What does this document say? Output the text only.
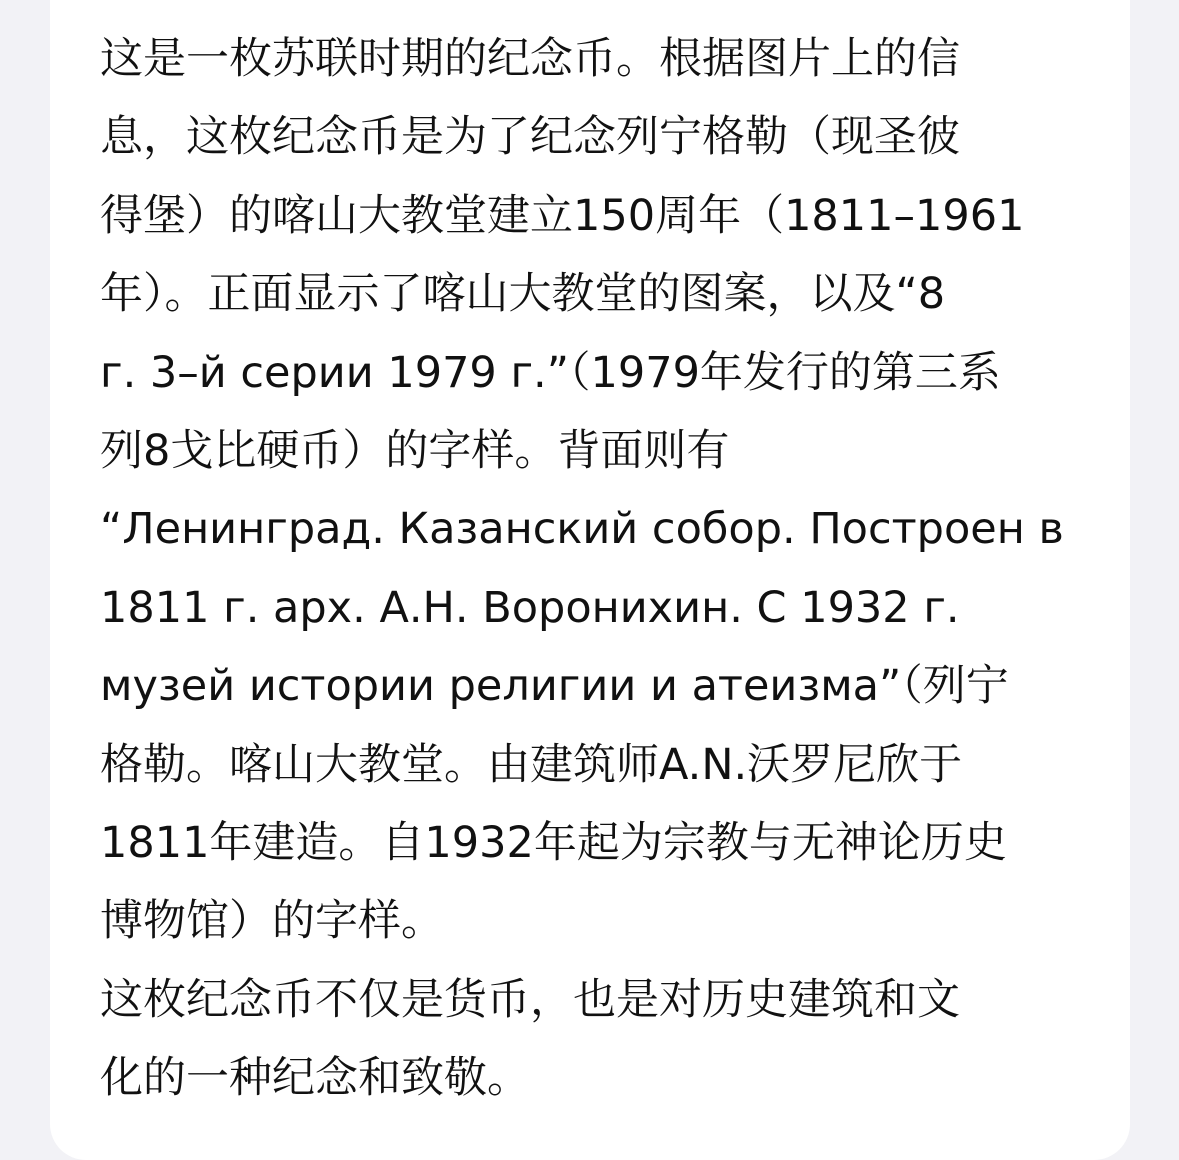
这是一枚苏联时期的纪念币。根据图片上的信
息，这枚纪念币是为了纪念列宁格勒（现圣彼
得堡）的喀山大教堂建立150周年（1811–1961
年）。正面显示了喀山大教堂的图案，以及“8
г. 3–й серии 1979 г.”（1979年发行的第三系
列8戈比硬币）的字样。背面则有
“Ленинград. Казанский собор. Построен в
1811 г. арх. А.Н. Воронихин. С 1932 г.
музей истории религии и атеизма”（列宁
格勒。喀山大教堂。由建筑师A.N.沃罗尼欣于
1811年建造。自1932年起为宗教与无神论历史
博物馆）的字样。

这枚纪念币不仅是货币，也是对历史建筑和文
化的一种纪念和致敬。
